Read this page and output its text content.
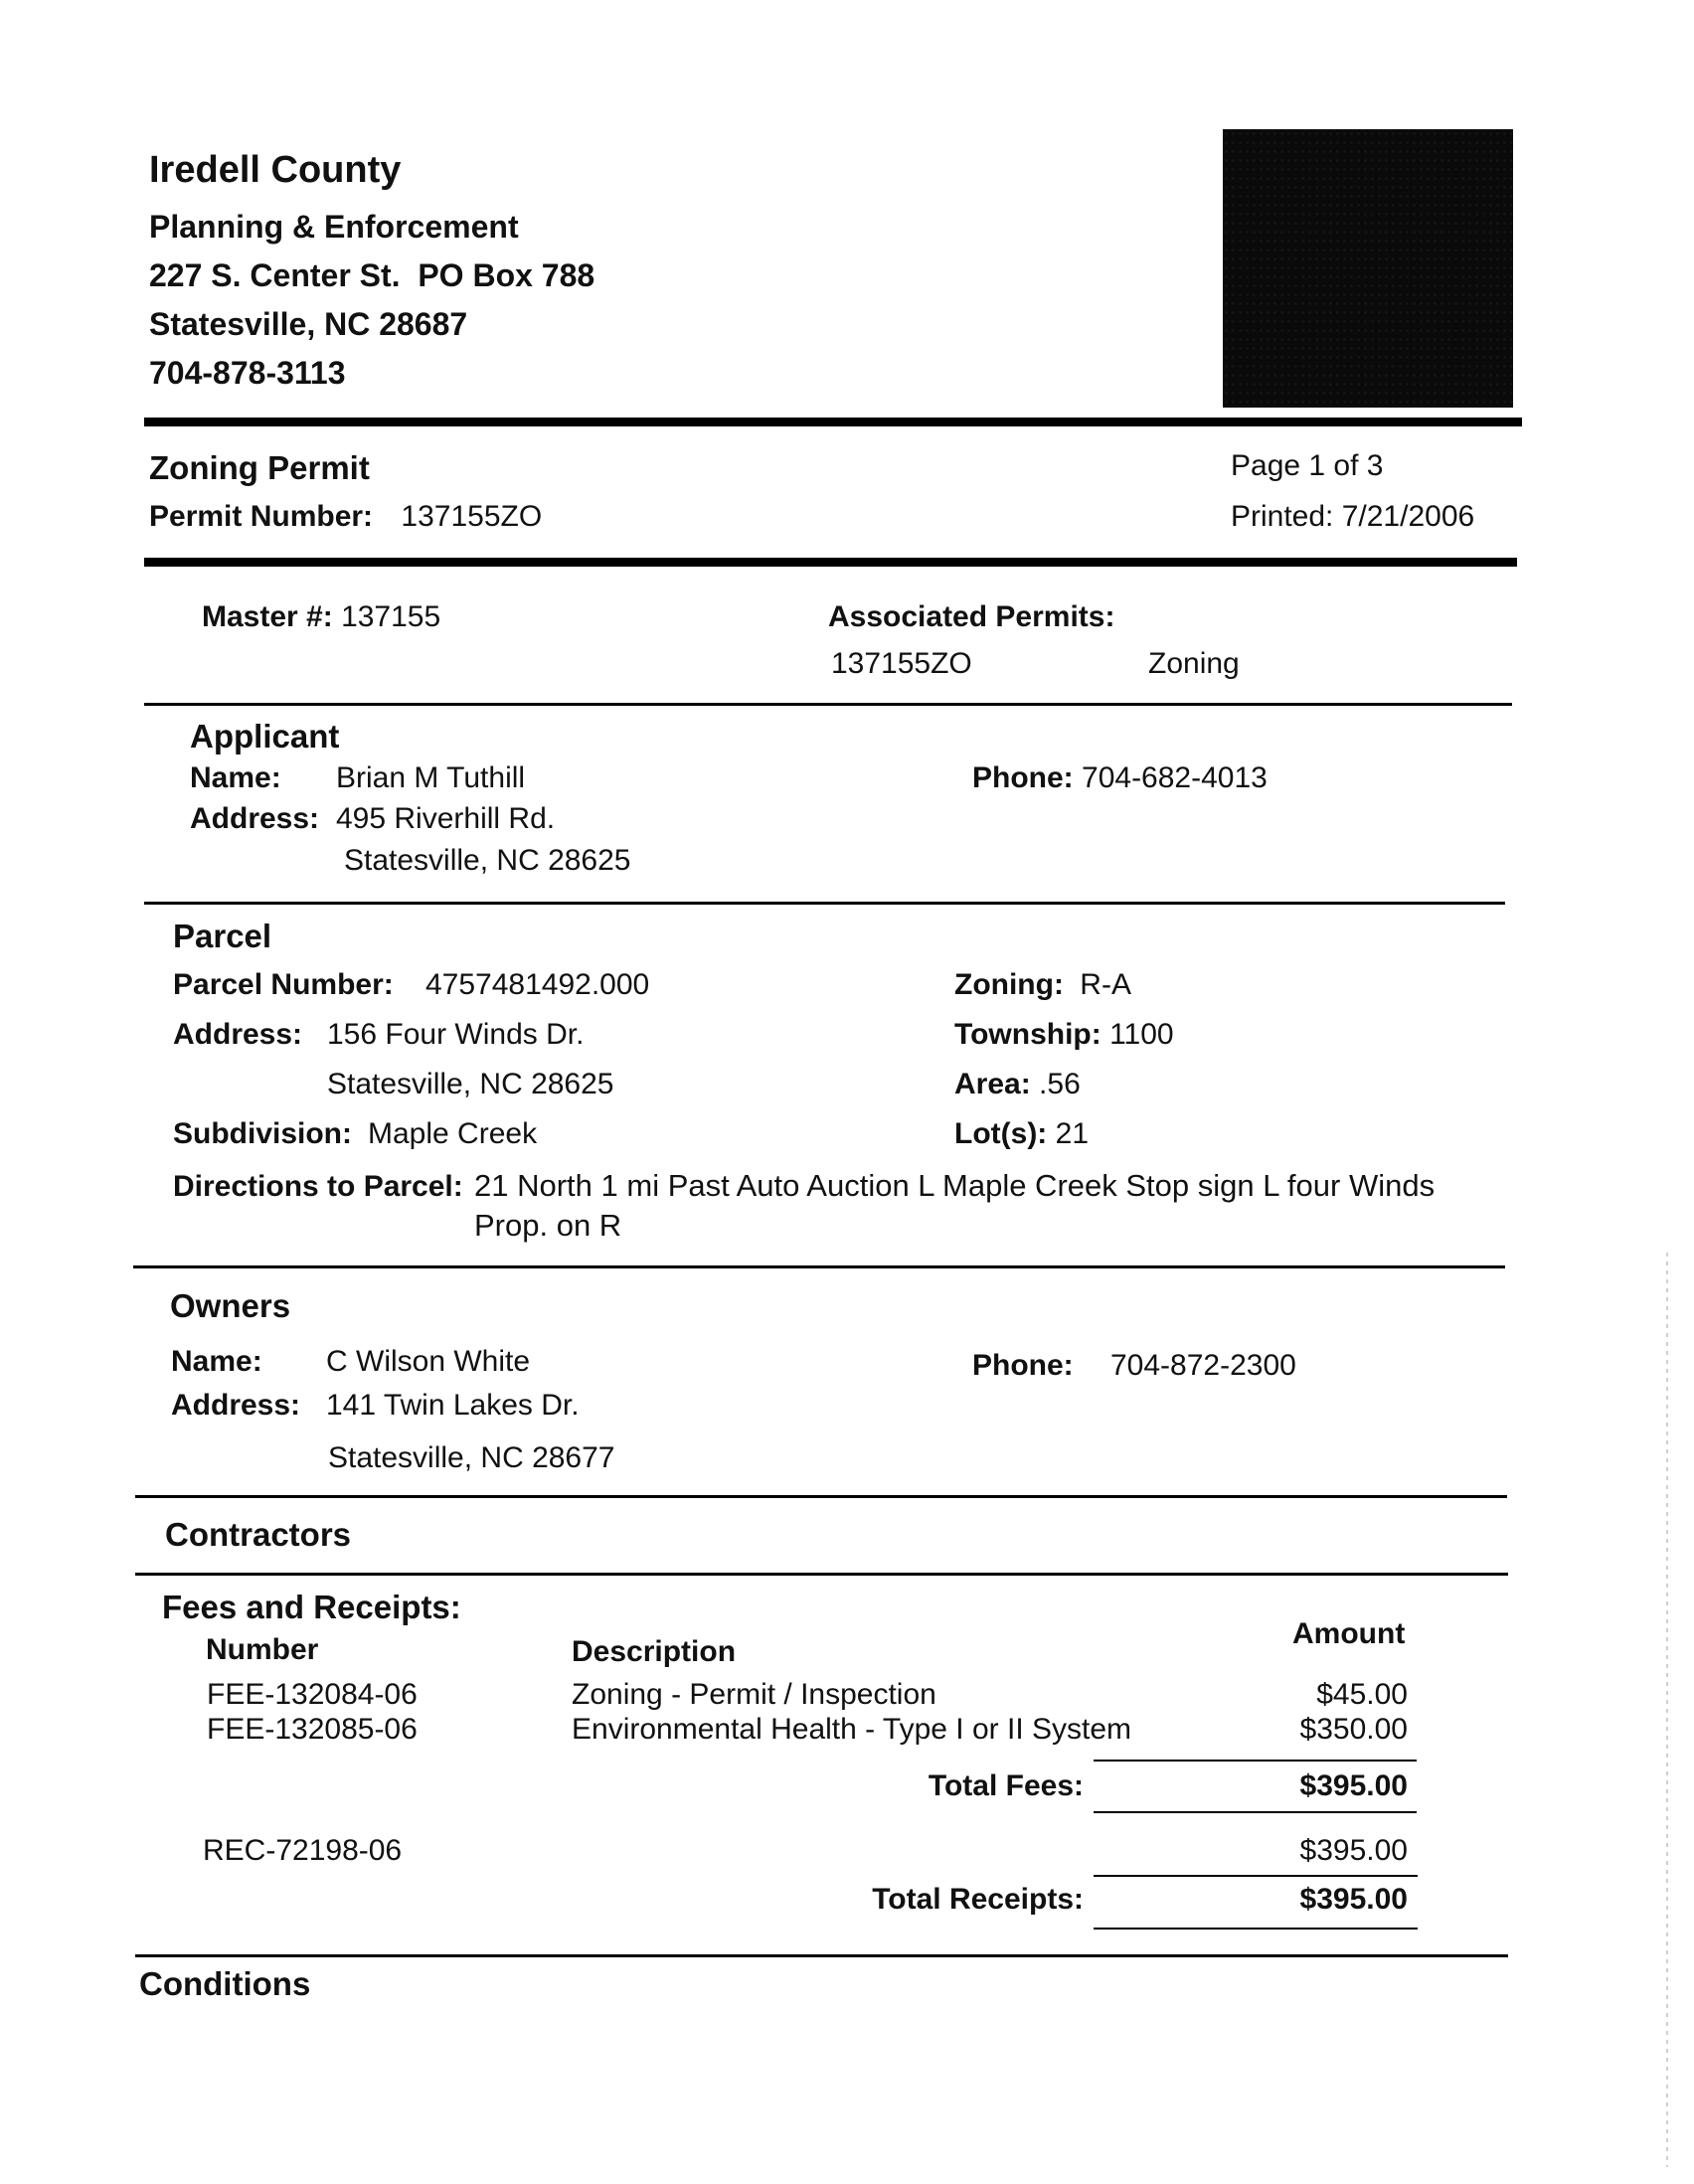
Iredell County
Planning & Enforcement
227 S. Center St.  PO Box 788
Statesville, NC 28687
704-878-3113
Zoning Permit
Permit Number: 137155ZO
Page 1 of 3
Printed: 7/21/2006
Master #: 137155	Associated Permits:
137155ZO	Zoning
Applicant
Name: Brian M Tuthill
Address: 495 Riverhill Rd.
Statesville, NC 28625
Phone: 704-682-4013
Parcel
Parcel Number: 4757481492.000
Address: 156 Four Winds Dr.
Statesville, NC 28625
Subdivision: Maple Creek
Zoning: R-A
Township: 1100
Area: .56
Lot(s): 21
Directions to Parcel: 21 North 1 mi Past Auto Auction L Maple Creek Stop sign L four Winds
Prop. on R
Owners
Name: C Wilson White
Address: 141 Twin Lakes Dr.
Statesville, NC 28677
Phone: 704-872-2300
Contractors
Fees and Receipts:
Number	Description
Amount
FEE-132084-06	Zoning - Permit / Inspection	$45.00
FEE-132085-06	Environmental Health - Type I or II System	$350.00
Total Fees:	$395.00
REC-72198-06	$395.00
Total Receipts:	$395.00
Conditions
